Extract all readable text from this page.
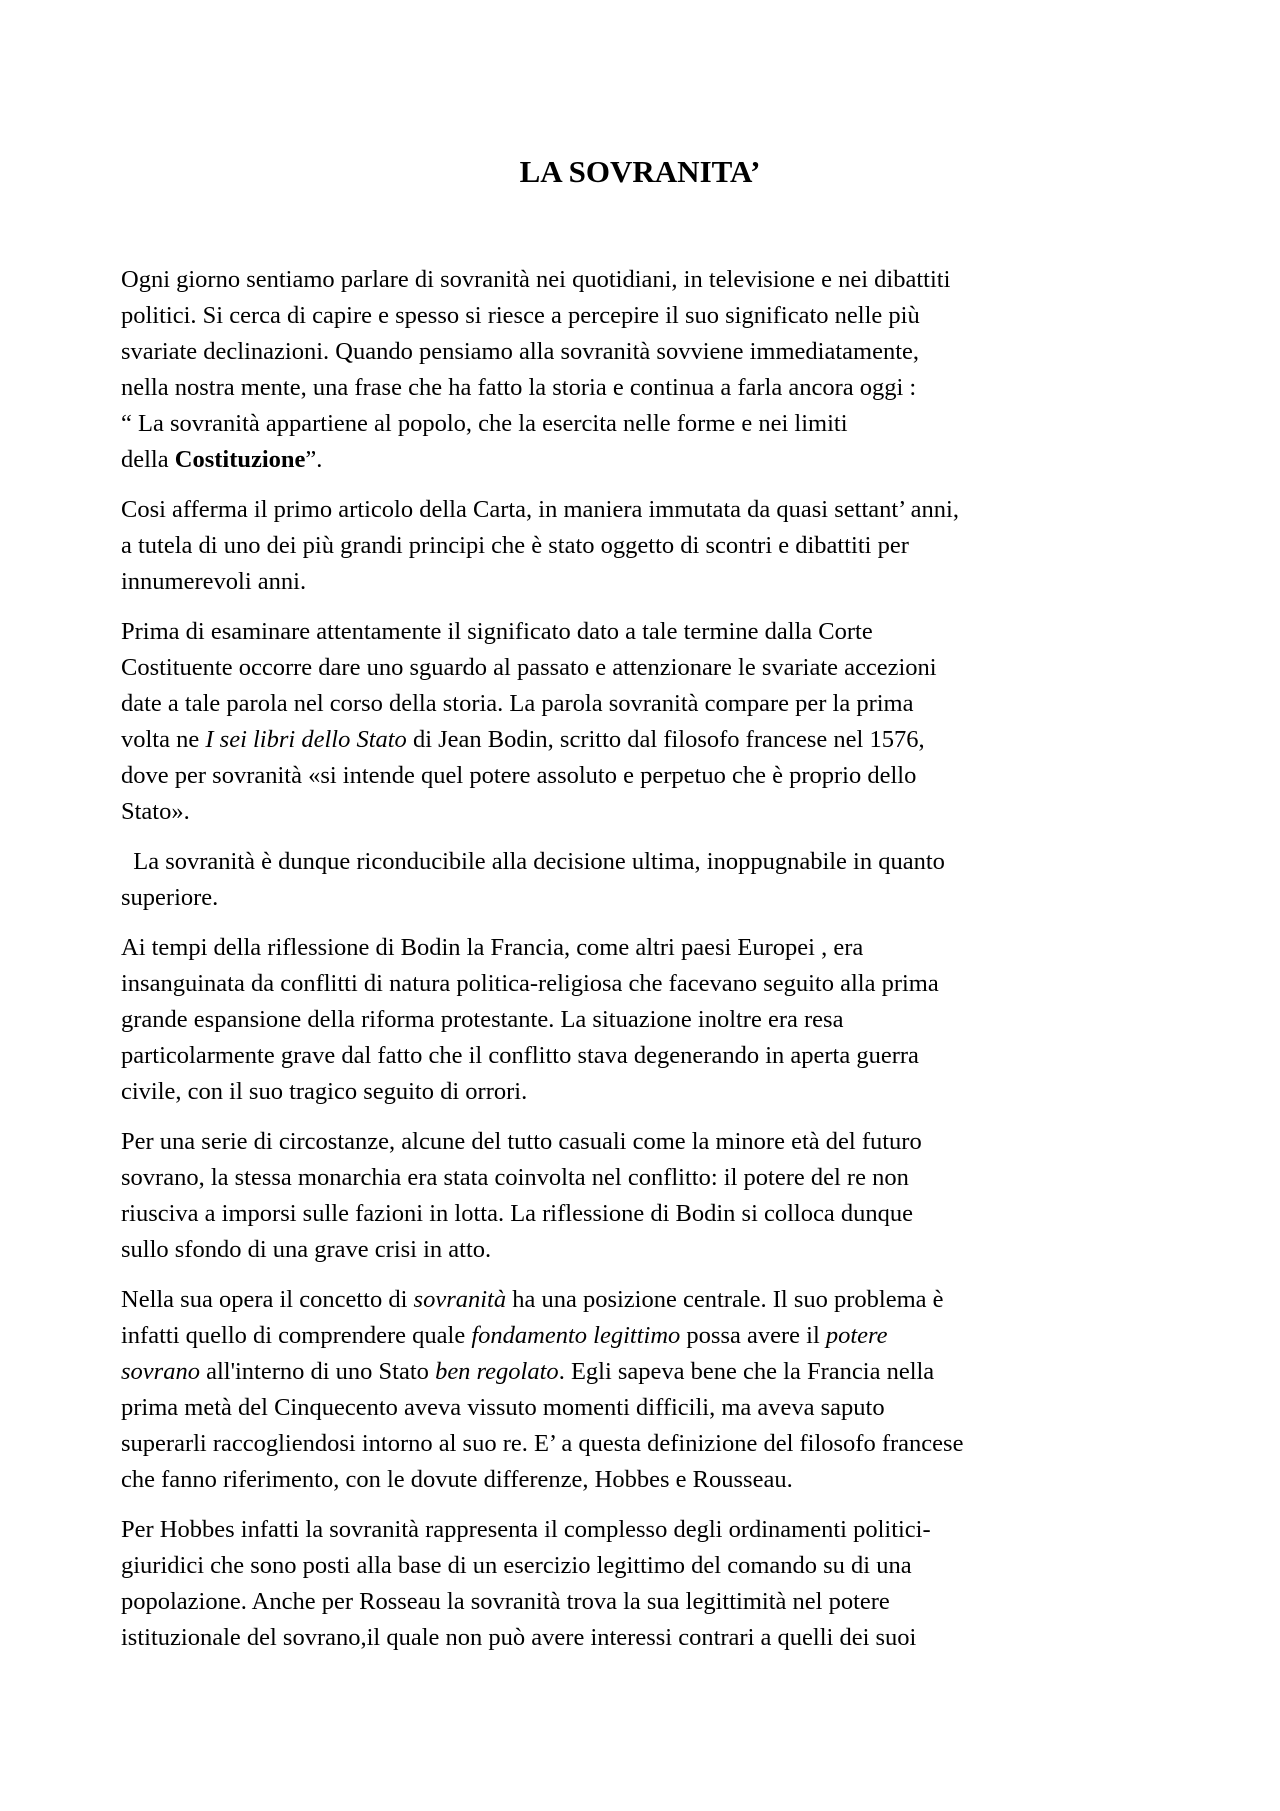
LA SOVRANITA’

Ogni giorno sentiamo parlare di sovranità nei quotidiani, in televisione e nei dibattiti
politici. Si cerca di capire e spesso si riesce a percepire il suo significato nelle più
svariate declinazioni. Quando pensiamo alla sovranità sovviene immediatamente,
nella nostra mente, una frase che ha fatto la storia e continua a farla ancora oggi :
“ La sovranità appartiene al popolo, che la esercita nelle forme e nei limiti
della Costituzione”.

Cosi afferma il primo articolo della Carta, in maniera immutata da quasi settant’ anni,
a tutela di uno dei più grandi principi che è stato oggetto di scontri e dibattiti per
innumerevoli anni.

Prima di esaminare attentamente il significato dato a tale termine dalla Corte
Costituente occorre dare uno sguardo al passato e attenzionare le svariate accezioni
date a tale parola nel corso della storia. La parola sovranità compare per la prima
volta ne I sei libri dello Stato di Jean Bodin, scritto dal filosofo francese nel 1576,
dove per sovranità «si intende quel potere assoluto e perpetuo che è proprio dello
Stato».

La sovranità è dunque riconducibile alla decisione ultima, inoppugnabile in quanto
superiore.

Ai tempi della riflessione di Bodin la Francia, come altri paesi Europei , era
insanguinata da conflitti di natura politica-religiosa che facevano seguito alla prima
grande espansione della riforma protestante. La situazione inoltre era resa
particolarmente grave dal fatto che il conflitto stava degenerando in aperta guerra
civile, con il suo tragico seguito di orrori.

Per una serie di circostanze, alcune del tutto casuali come la minore età del futuro
sovrano, la stessa monarchia era stata coinvolta nel conflitto: il potere del re non
riusciva a imporsi sulle fazioni in lotta. La riflessione di Bodin si colloca dunque
sullo sfondo di una grave crisi in atto.

Nella sua opera il concetto di sovranità ha una posizione centrale. Il suo problema è
infatti quello di comprendere quale fondamento legittimo possa avere il potere
sovrano all'interno di uno Stato ben regolato. Egli sapeva bene che la Francia nella
prima metà del Cinquecento aveva vissuto momenti difficili, ma aveva saputo
superarli raccogliendosi intorno al suo re. E’ a questa definizione del filosofo francese
che fanno riferimento, con le dovute differenze, Hobbes e Rousseau.

Per Hobbes infatti la sovranità rappresenta il complesso degli ordinamenti politici-
giuridici che sono posti alla base di un esercizio legittimo del comando su di una
popolazione. Anche per Rosseau la sovranità trova la sua legittimità nel potere
istituzionale del sovrano,il quale non può avere interessi contrari a quelli dei suoi
